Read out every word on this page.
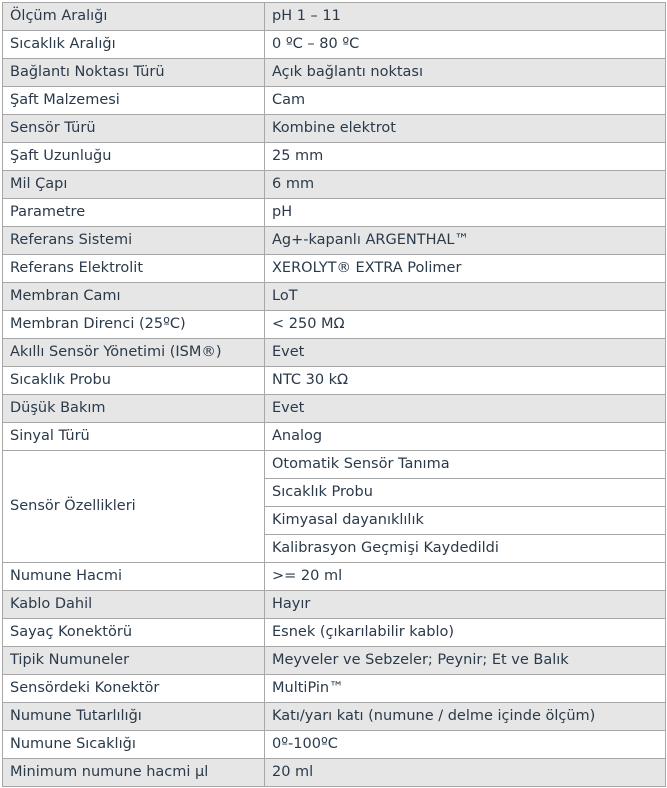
Ölçüm Aralığı	pH 1 – 11
Sıcaklık Aralığı	0 ºC – 80 ºC
Bağlantı Noktası Türü	Açık bağlantı noktası
Şaft Malzemesi	Cam
Sensör Türü	Kombine elektrot
Şaft Uzunluğu	25 mm
Mil Çapı	6 mm
Parametre	pH
Referans Sistemi	Ag+-kapanlı ARGENTHAL™
Referans Elektrolit	XEROLYT® EXTRA Polimer
Membran Camı	LoT
Membran Direnci (25ºC)	< 250 MΩ
Akıllı Sensör Yönetimi (ISM®)	Evet
Sıcaklık Probu	NTC 30 kΩ
Düşük Bakım	Evet
Sinyal Türü	Analog
Sensör Özellikleri	Otomatik Sensör Tanıma
	Sıcaklık Probu
	Kimyasal dayanıklılık
	Kalibrasyon Geçmişi Kaydedildi
Numune Hacmi	>= 20 ml
Kablo Dahil	Hayır
Sayaç Konektörü	Esnek (çıkarılabilir kablo)
Tipik Numuneler	Meyveler ve Sebzeler; Peynir; Et ve Balık
Sensördeki Konektör	MultiPin™
Numune Tutarlılığı	Katı/yarı katı (numune / delme içinde ölçüm)
Numune Sıcaklığı	0º-100ºC
Minimum numune hacmi µl	20 ml
